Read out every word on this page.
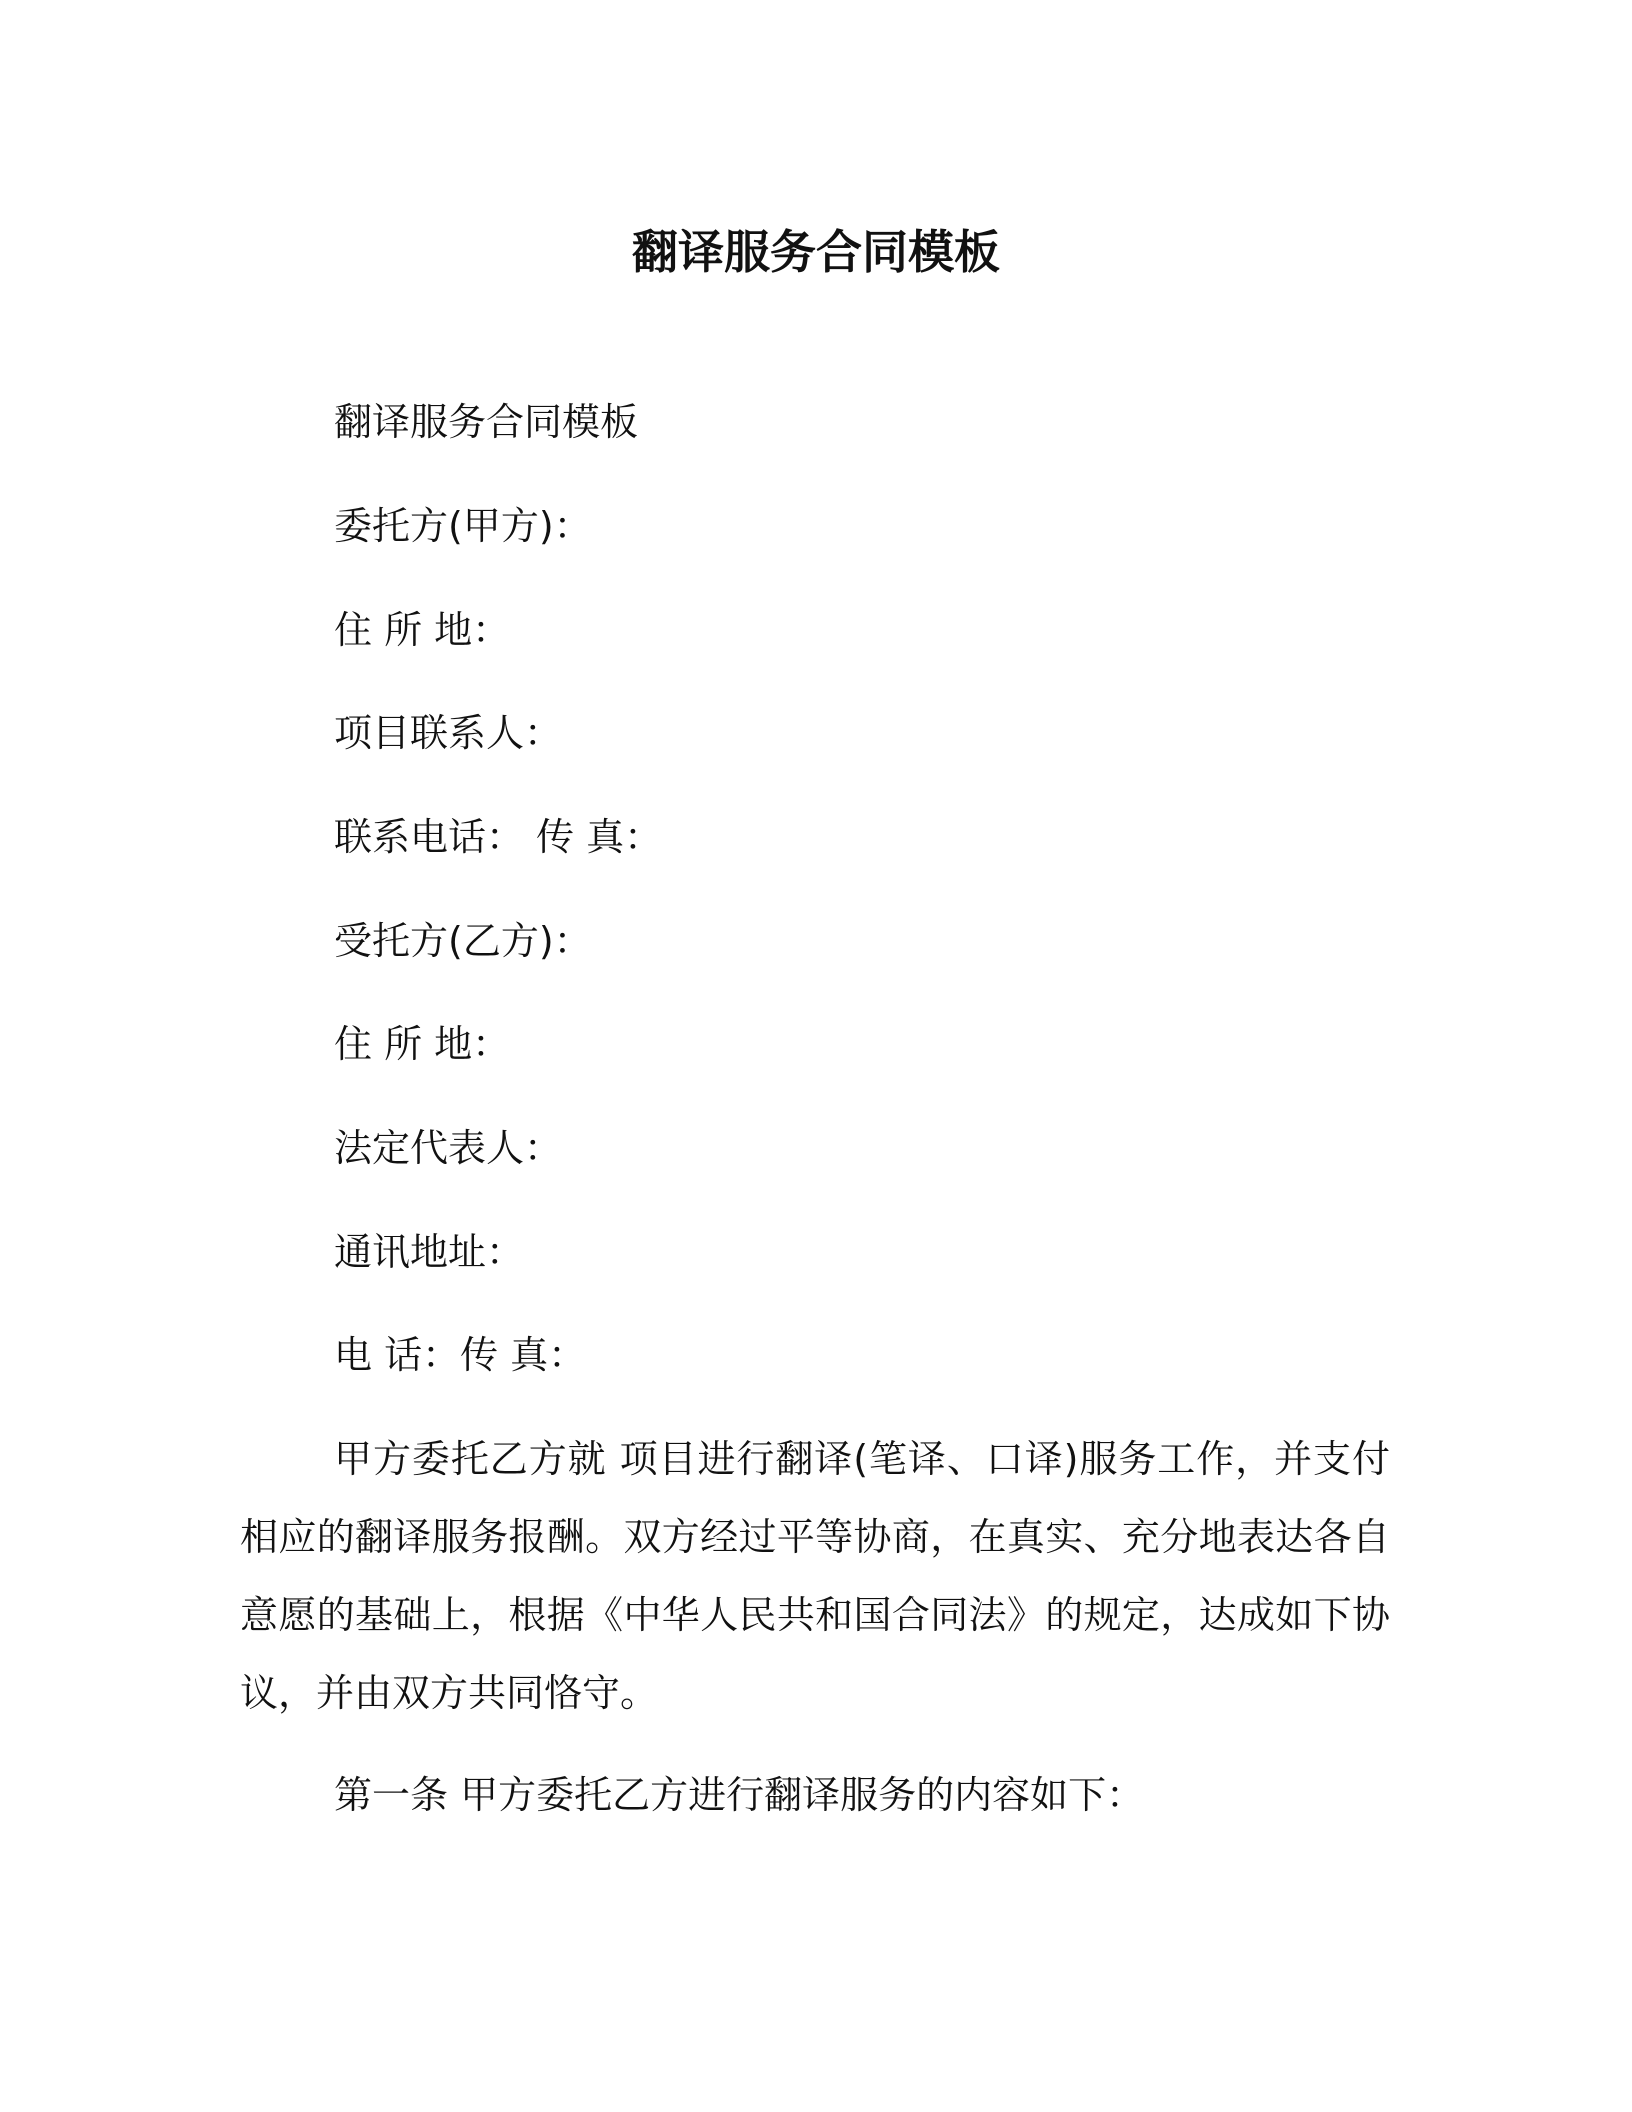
翻译服务合同模板

翻译服务合同模板

委托方(甲方)：

住 所 地：

项目联系人：

联系电话： 传 真：

受托方(乙方)：

住 所 地：

法定代表人：

通讯地址：

电 话：传 真：

甲方委托乙方就 项目进行翻译(笔译、口译)服务工作，并支付相应的翻译服务报酬。双方经过平等协商，在真实、充分地表达各自意愿的基础上，根据《中华人民共和国合同法》的规定，达成如下协议，并由双方共同恪守。

第一条 甲方委托乙方进行翻译服务的内容如下：
